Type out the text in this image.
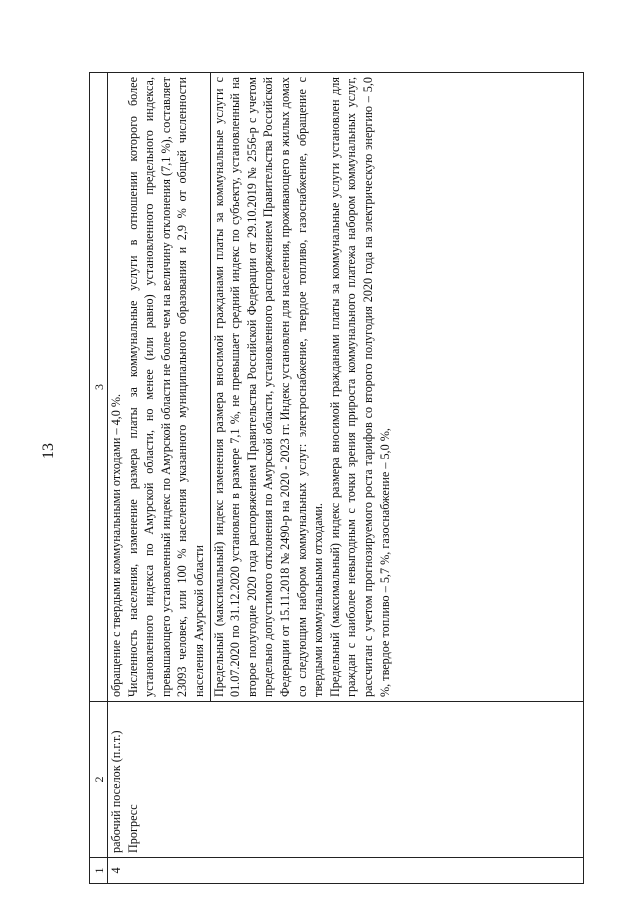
13
1	2	3
4	рабочий поселок (п.г.т.) Прогресс	обращение с твердыми коммунальными отходами – 4,0 %. Численность населения, изменение размера платы за коммунальные услуги в отношении которого более установленного индекса по Амурской области, но менее (или равно) установленного предельного индекса, превышающего установленный индекс по Амурской области не более чем на величину отклонения (7,1 %), составляет 23093 человек, или 100 % населения указанного муниципального образования и 2,9 % от общей численности населения Амурской области Предельный (максимальный) индекс изменения размера вносимой гражданами платы за коммунальные услуги с 01.07.2020 по 31.12.2020 установлен в размере 7,1 %, не превышает средний индекс по субъекту, установленный на второе полугодие 2020 года распоряжением Правительства Российской Федерации от 29.10.2019 № 2556-р с учетом предельно допустимого отклонения по Амурской области, установленного распоряжением Правительства Российской Федерации от 15.11.2018 № 2490-р на 2020 - 2023 гг. Индекс установлен для населения, проживающего в жилых домах со следующим набором коммунальных услуг: электроснабжение, твердое топливо, газоснабжение, обращение с твердыми коммунальными отходами. Предельный (максимальный) индекс размера вносимой гражданами платы за коммунальные услуги установлен для граждан с наиболее невыгодным с точки зрения прироста коммунального платежа набором коммунальных услуг, рассчитан с учетом прогнозируемого роста тарифов со второго полугодия 2020 года на электрическую энергию – 5,0 %, твердое топливо – 5,7 %, газоснабжение – 5,0 %,
